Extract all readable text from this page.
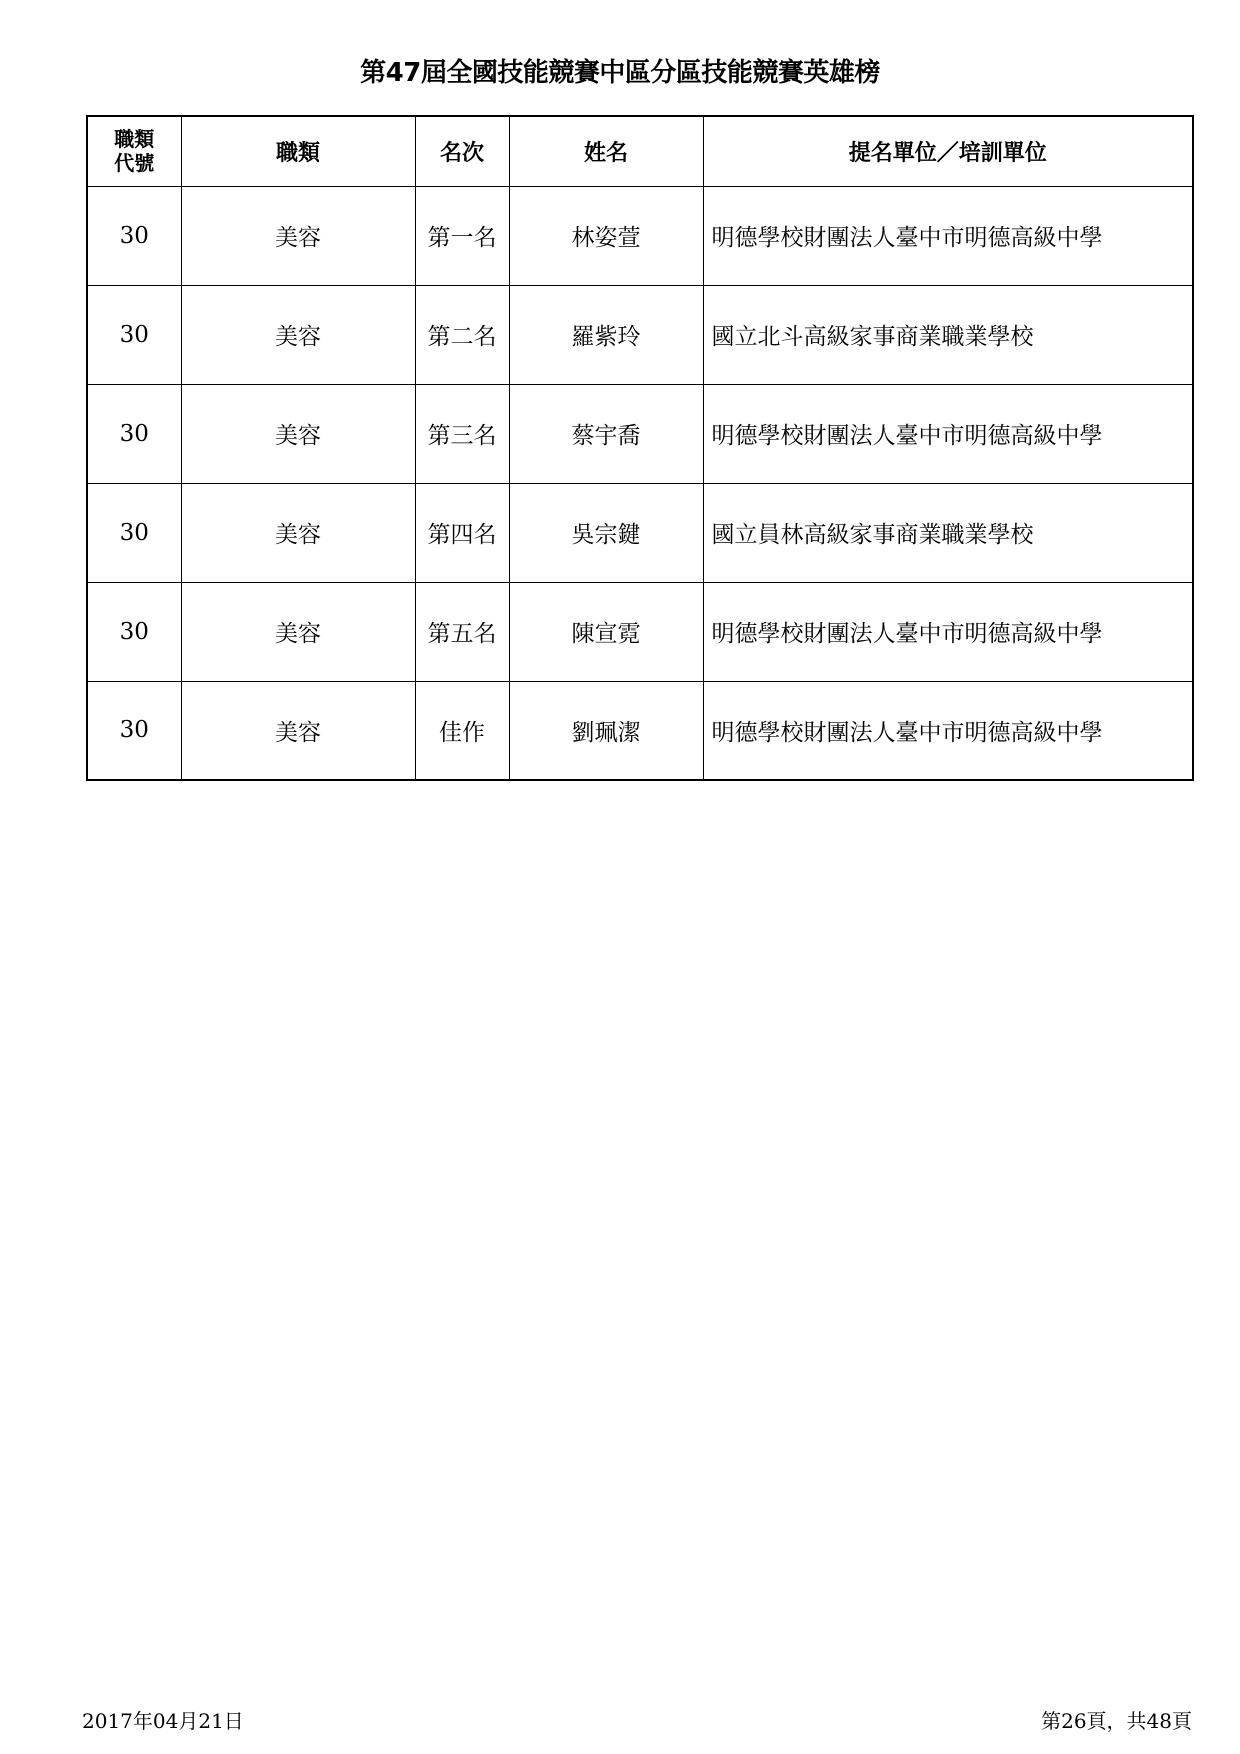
第47屆全國技能競賽中區分區技能競賽英雄榜
職類
代號	職類	名次	姓名	提名單位／培訓單位
30	美容	第一名	林姿萱	明德學校財團法人臺中市明德高級中學
30	美容	第二名	羅紫玲	國立北斗高級家事商業職業學校
30	美容	第三名	蔡宇喬	明德學校財團法人臺中市明德高級中學
30	美容	第四名	吳宗鍵	國立員林高級家事商業職業學校
30	美容	第五名	陳宣霓	明德學校財團法人臺中市明德高級中學
30	美容	佳作	劉珮潔	明德學校財團法人臺中市明德高級中學
2017年04月21日	第26頁，共48頁
